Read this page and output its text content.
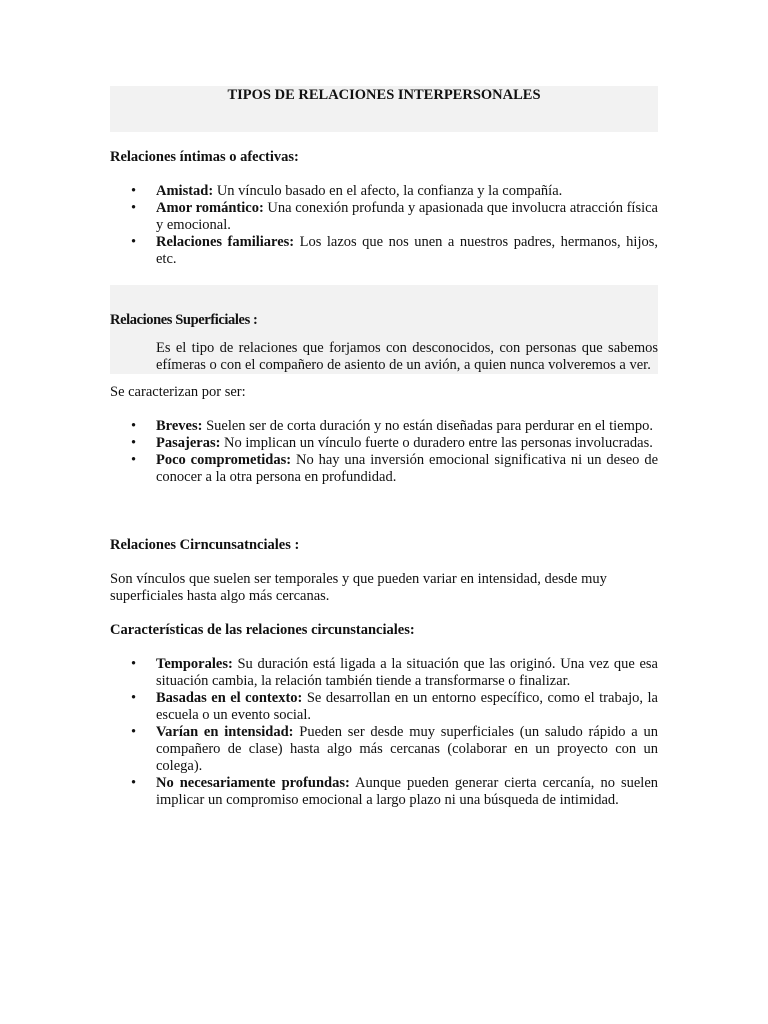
TIPOS DE RELACIONES INTERPERSONALES
Relaciones íntimas o afectivas:
• Amistad: Un vínculo basado en el afecto, la confianza y la compañía.
• Amor romántico: Una conexión profunda y apasionada que involucra atracción física y emocional.
• Relaciones familiares: Los lazos que nos unen a nuestros padres, hermanos, hijos, etc.
Relaciones Superficiales :
Es el tipo de relaciones que forjamos con desconocidos, con personas que sabemos efímeras o con el compañero de asiento de un avión, a quien nunca volveremos a ver.
Se caracterizan por ser:
• Breves: Suelen ser de corta duración y no están diseñadas para perdurar en el tiempo.
• Pasajeras: No implican un vínculo fuerte o duradero entre las personas involucradas.
• Poco comprometidas: No hay una inversión emocional significativa ni un deseo de conocer a la otra persona en profundidad.
Relaciones Cirncunsatnciales :
Son vínculos que suelen ser temporales y que pueden variar en intensidad, desde muy superficiales hasta algo más cercanas.
Características de las relaciones circunstanciales:
• Temporales: Su duración está ligada a la situación que las originó. Una vez que esa situación cambia, la relación también tiende a transformarse o finalizar.
• Basadas en el contexto: Se desarrollan en un entorno específico, como el trabajo, la escuela o un evento social.
• Varían en intensidad: Pueden ser desde muy superficiales (un saludo rápido a un compañero de clase) hasta algo más cercanas (colaborar en un proyecto con un colega).
• No necesariamente profundas: Aunque pueden generar cierta cercanía, no suelen implicar un compromiso emocional a largo plazo ni una búsqueda de intimidad.
